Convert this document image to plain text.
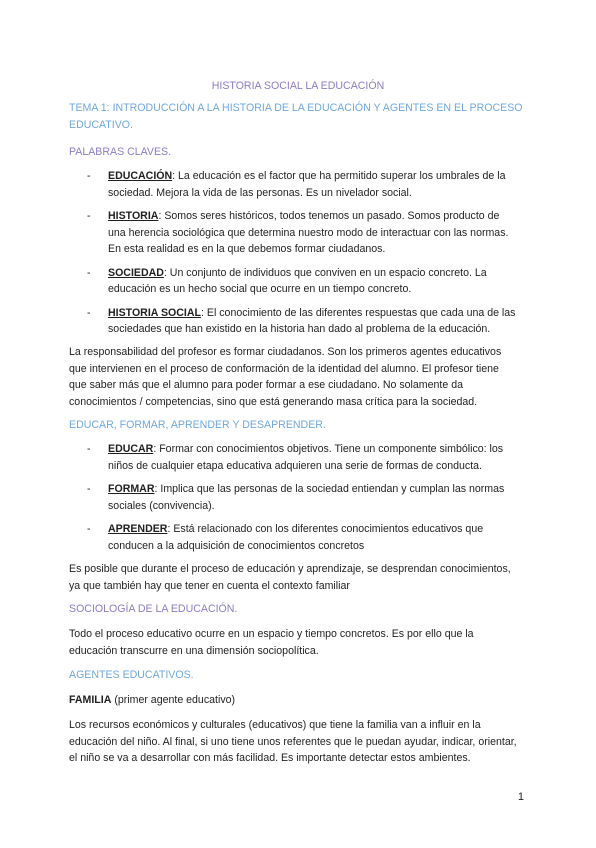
HISTORIA SOCIAL LA EDUCACIÓN

TEMA 1: INTRODUCCIÓN A LA HISTORIA DE LA EDUCACIÓN Y AGENTES EN EL PROCESO EDUCATIVO.

PALABRAS CLAVES.

- EDUCACIÓN: La educación es el factor que ha permitido superar los umbrales de la sociedad. Mejora la vida de las personas. Es un nivelador social.
- HISTORIA: Somos seres históricos, todos tenemos un pasado. Somos producto de una herencia sociológica que determina nuestro modo de interactuar con las normas. En esta realidad es en la que debemos formar ciudadanos.
- SOCIEDAD: Un conjunto de individuos que conviven en un espacio concreto. La educación es un hecho social que ocurre en un tiempo concreto.
- HISTORIA SOCIAL: El conocimiento de las diferentes respuestas que cada una de las sociedades que han existido en la historia han dado al problema de la educación.

La responsabilidad del profesor es formar ciudadanos. Son los primeros agentes educativos que intervienen en el proceso de conformación de la identidad del alumno. El profesor tiene que saber más que el alumno para poder formar a ese ciudadano. No solamente da conocimientos / competencias, sino que está generando masa crítica para la sociedad.

EDUCAR, FORMAR, APRENDER Y DESAPRENDER.

- EDUCAR: Formar con conocimientos objetivos. Tiene un componente simbólico: los niños de cualquier etapa educativa adquieren una serie de formas de conducta.
- FORMAR: Implica que las personas de la sociedad entiendan y cumplan las normas sociales (convivencia).
- APRENDER: Está relacionado con los diferentes conocimientos educativos que conducen a la adquisición de conocimientos concretos

Es posible que durante el proceso de educación y aprendizaje, se desprendan conocimientos, ya que también hay que tener en cuenta el contexto familiar

SOCIOLOGÍA DE LA EDUCACIÓN.

Todo el proceso educativo ocurre en un espacio y tiempo concretos. Es por ello que la educación transcurre en una dimensión sociopolítica.

AGENTES EDUCATIVOS.

FAMILIA (primer agente educativo)

Los recursos económicos y culturales (educativos) que tiene la familia van a influir en la educación del niño. Al final, si uno tiene unos referentes que le puedan ayudar, indicar, orientar, el niño se va a desarrollar con más facilidad. Es importante detectar estos ambientes.

1
